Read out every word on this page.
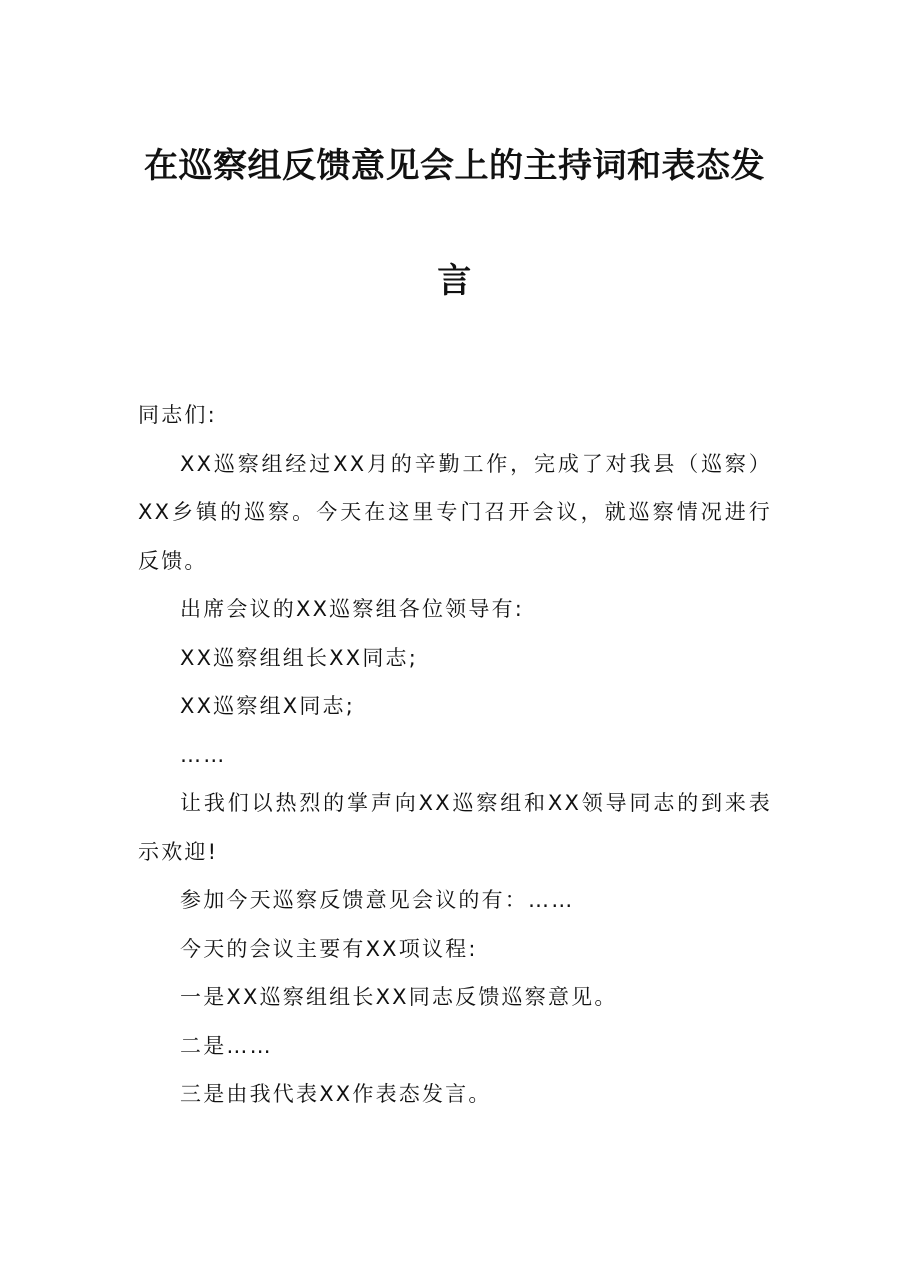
在巡察组反馈意见会上的主持词和表态发
言

同志们:

XX巡察组经过XX月的辛勤工作，完成了对我县（巡察）XX乡镇的巡察。今天在这里专门召开会议，就巡察情况进行反馈。

出席会议的XX巡察组各位领导有:

XX巡察组组长XX同志;

XX巡察组X同志;

……

让我们以热烈的掌声向XX巡察组和XX领导同志的到来表示欢迎!

参加今天巡察反馈意见会议的有：……

今天的会议主要有XX项议程:

一是XX巡察组组长XX同志反馈巡察意见。

二是……

三是由我代表XX作表态发言。
